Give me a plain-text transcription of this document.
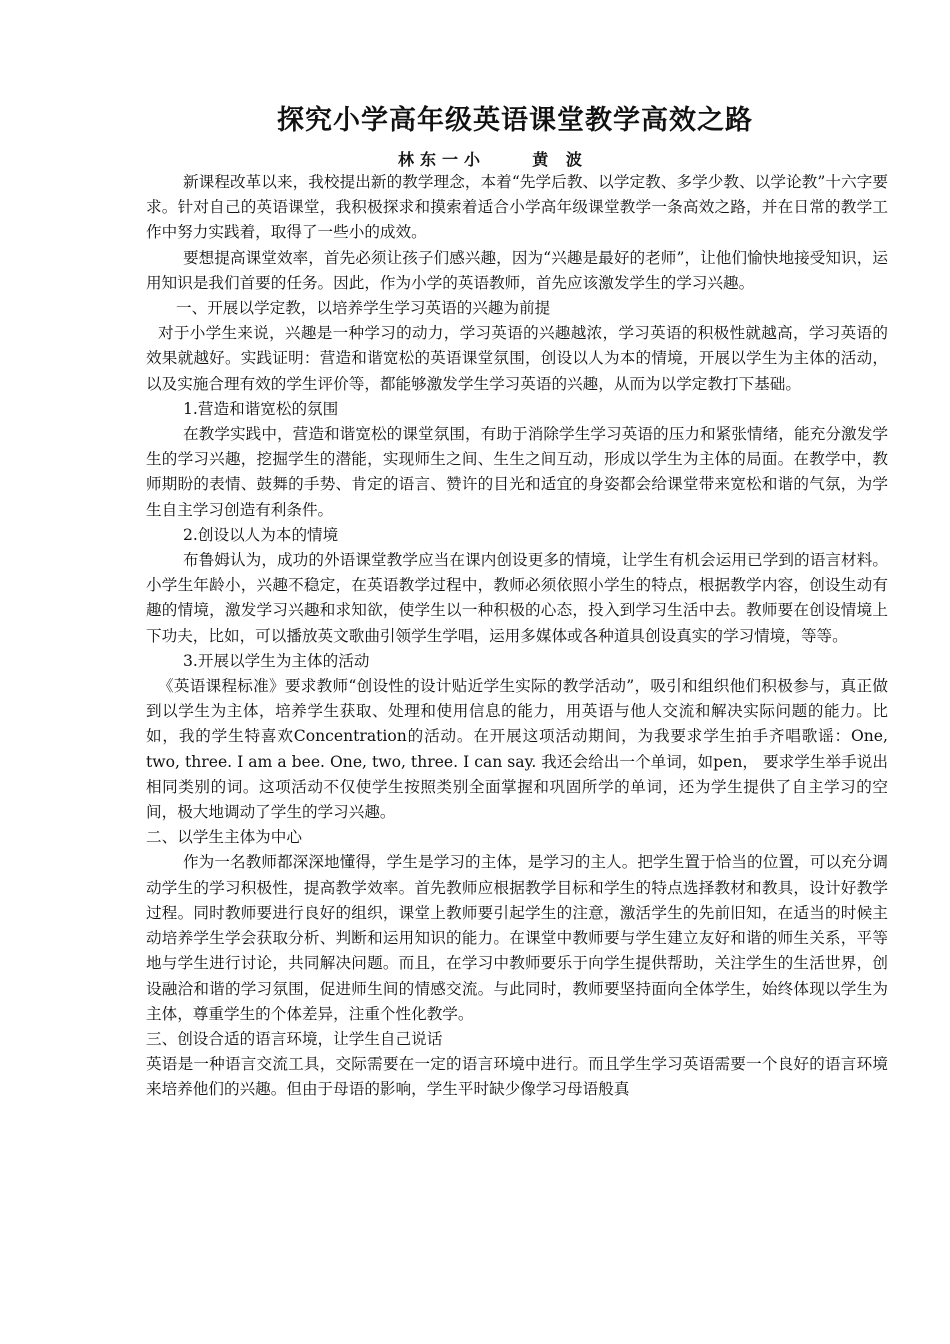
探究小学高年级英语课堂教学高效之路
林东一小    黄 波

新课程改革以来，我校提出新的教学理念，本着“先学后教、以学定教、多学少教、以学论教”十六字要求。针对自己的英语课堂，我积极探求和摸索着适合小学高年级课堂教学一条高效之路，并在日常的教学工作中努力实践着，取得了一些小的成效。

要想提高课堂效率，首先必须让孩子们感兴趣，因为“兴趣是最好的老师”，让他们愉快地接受知识，运用知识是我们首要的任务。因此，作为小学的英语教师，首先应该激发学生的学习兴趣。

一、开展以学定教，以培养学生学习英语的兴趣为前提

对于小学生来说，兴趣是一种学习的动力，学习英语的兴趣越浓，学习英语的积极性就越高，学习英语的效果就越好。实践证明：营造和谐宽松的英语课堂氛围，创设以人为本的情境，开展以学生为主体的活动，以及实施合理有效的学生评价等，都能够激发学生学习英语的兴趣，从而为以学定教打下基础。

1.营造和谐宽松的氛围

在教学实践中，营造和谐宽松的课堂氛围，有助于消除学生学习英语的压力和紧张情绪，能充分激发学生的学习兴趣，挖掘学生的潜能，实现师生之间、生生之间互动，形成以学生为主体的局面。在教学中，教师期盼的表情、鼓舞的手势、肯定的语言、赞许的目光和适宜的身姿都会给课堂带来宽松和谐的气氛，为学生自主学习创造有利条件。

2.创设以人为本的情境

布鲁姆认为，成功的外语课堂教学应当在课内创设更多的情境，让学生有机会运用已学到的语言材料。小学生年龄小，兴趣不稳定，在英语教学过程中，教师必须依照小学生的特点，根据教学内容，创设生动有趣的情境，激发学习兴趣和求知欲，使学生以一种积极的心态，投入到学习生活中去。教师要在创设情境上下功夫，比如，可以播放英文歌曲引领学生学唱，运用多媒体或各种道具创设真实的学习情境，等等。

3.开展以学生为主体的活动

《英语课程标准》要求教师“创设性的设计贴近学生实际的教学活动”，吸引和组织他们积极参与，真正做到以学生为主体，培养学生获取、处理和使用信息的能力，用英语与他人交流和解决实际问题的能力。比如，我的学生特喜欢Concentration的活动。在开展这项活动期间，为我要求学生拍手齐唱歌谣：One, two, three. I am a bee. One, two, three. I can say. 我还会给出一个单词，如pen， 要求学生举手说出相同类别的词。这项活动不仅使学生按照类别全面掌握和巩固所学的单词，还为学生提供了自主学习的空间，极大地调动了学生的学习兴趣。

二、以学生主体为中心

作为一名教师都深深地懂得，学生是学习的主体，是学习的主人。把学生置于恰当的位置，可以充分调动学生的学习积极性，提高教学效率。首先教师应根据教学目标和学生的特点选择教材和教具，设计好教学过程。同时教师要进行良好的组织，课堂上教师要引起学生的注意，激活学生的先前旧知，在适当的时候主动培养学生学会获取分析、判断和运用知识的能力。在课堂中教师要与学生建立友好和谐的师生关系，平等地与学生进行讨论，共同解决问题。而且，在学习中教师要乐于向学生提供帮助，关注学生的生活世界，创设融洽和谐的学习氛围，促进师生间的情感交流。与此同时，教师要坚持面向全体学生，始终体现以学生为主体，尊重学生的个体差异，注重个性化教学。

三、创设合适的语言环境，让学生自己说话

英语是一种语言交流工具，交际需要在一定的语言环境中进行。而且学生学习英语需要一个良好的语言环境来培养他们的兴趣。但由于母语的影响，学生平时缺少像学习母语般真
